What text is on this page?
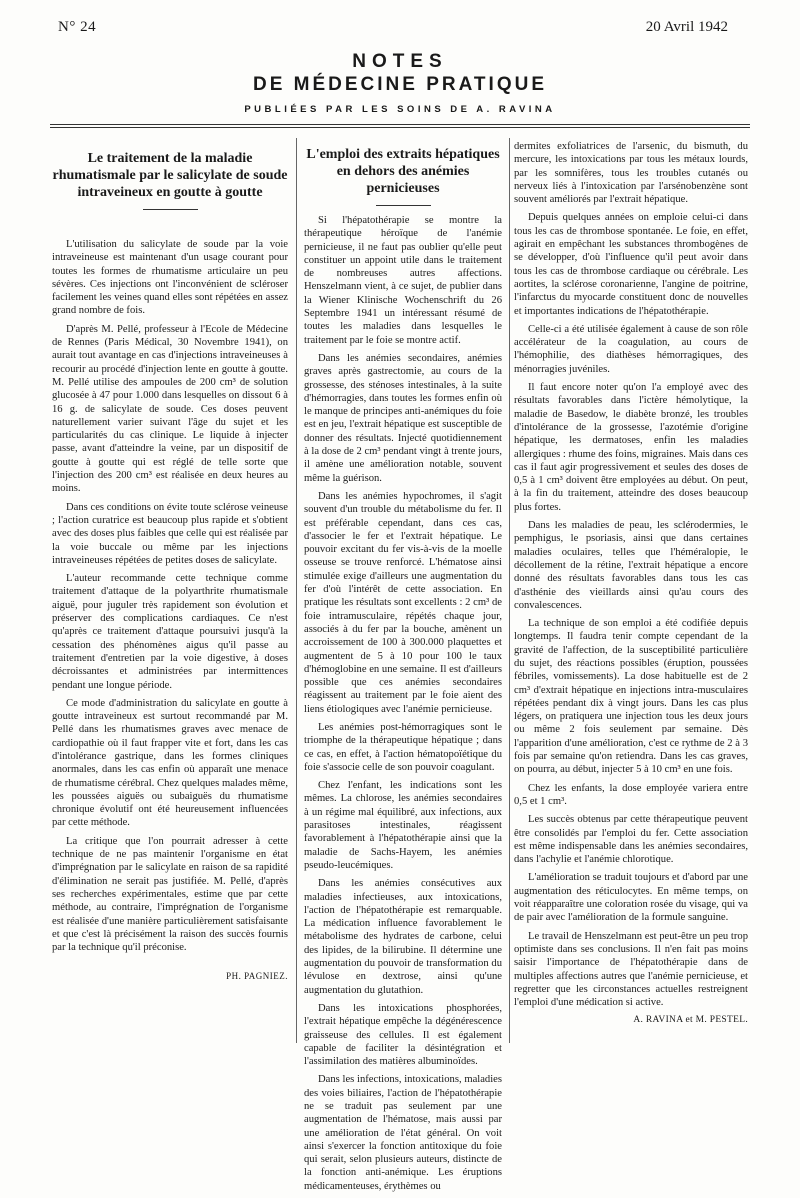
N° 24	20 Avril 1942
NOTES
DE MÉDECINE PRATIQUE
PUBLIÉES PAR LES SOINS DE A. RAVINA
Le traitement de la maladie rhumatismale par le salicylate de soude intraveineux en goutte à goutte

L'utilisation du salicylate de soude par la voie intraveineuse est maintenant d'un usage courant pour toutes les formes de rhumatisme articulaire un peu sévères. Ces injections ont l'inconvénient de scléroser facilement les veines quand elles sont répétées en assez grand nombre de fois.

D'après M. Pellé, professeur à l'Ecole de Médecine de Rennes (Paris Médical, 30 Novembre 1941), on aurait tout avantage en cas d'injections intraveineuses à recourir au procédé d'injection lente en goutte à goutte. M. Pellé utilise des ampoules de 200 cm³ de solution glucosée à 47 pour 1.000 dans lesquelles on dissout 6 à 16 g. de salicylate de soude. Ces doses peuvent naturellement varier suivant l'âge du sujet et les particularités du cas clinique. Le liquide à injecter passe, avant d'atteindre la veine, par un dispositif de goutte à goutte qui est réglé de telle sorte que l'injection des 200 cm³ est réalisée en deux heures au moins.

Dans ces conditions on évite toute sclérose veineuse ; l'action curatrice est beaucoup plus rapide et s'obtient avec des doses plus faibles que celle qui est réalisée par la voie buccale ou même par les injections intraveineuses répétées de petites doses de salicylate.

L'auteur recommande cette technique comme traitement d'attaque de la polyarthrite rhumatismale aiguë, pour juguler très rapidement son évolution et préserver des complications cardiaques. Ce n'est qu'après ce traitement d'attaque poursuivi jusqu'à la cessation des phénomènes aigus qu'il passe au traitement d'entretien par la voie digestive, à doses décroissantes et administrées par intermittences pendant une longue période.

Ce mode d'administration du salicylate en goutte à goutte intraveineux est surtout recommandé par M. Pellé dans les rhumatismes graves avec menace de cardiopathie où il faut frapper vite et fort, dans les cas d'intolérance gastrique, dans les formes cliniques anormales, dans les cas enfin où apparaît une menace de rhumatisme cérébral. Chez quelques malades même, les poussées aiguës ou subaiguës du rhumatisme chronique évolutif ont été heureusement influencées par cette méthode.

La critique que l'on pourrait adresser à cette technique de ne pas maintenir l'organisme en état d'imprégnation par le salicylate en raison de sa rapidité d'élimination ne serait pas justifiée. M. Pellé, d'après ses recherches expérimentales, estime que par cette méthode, au contraire, l'imprégnation de l'organisme est réalisée d'une manière particulièrement satisfaisante et que c'est là précisément la raison des succès fournis par la technique qu'il préconise.

PH. PAGNIEZ.
L'emploi des extraits hépatiques en dehors des anémies pernicieuses

Si l'hépatothérapie se montre la thérapeutique héroïque de l'anémie pernicieuse, il ne faut pas oublier qu'elle peut constituer un appoint utile dans le traitement de nombreuses autres affections. Henszelmann vient, à ce sujet, de publier dans la Wiener Klinische Wochenschrift du 26 Septembre 1941 un intéressant résumé de toutes les maladies dans lesquelles le traitement par le foie se montre actif.

Dans les anémies secondaires, anémies graves après gastrectomie, au cours de la grossesse, des sténoses intestinales, à la suite d'hémorragies, dans toutes les formes enfin où le manque de principes anti-anémiques du foie est en jeu, l'extrait hépatique est susceptible de donner des résultats. Injecté quotidiennement à la dose de 2 cm³ pendant vingt à trente jours, il amène une amélioration notable, souvent même la guérison.

Dans les anémies hypochromes, il s'agit souvent d'un trouble du métabolisme du fer. Il est préférable cependant, dans ces cas, d'associer le fer et l'extrait hépatique. Le pouvoir excitant du fer vis-à-vis de la moelle osseuse se trouve renforcé. L'hématose ainsi stimulée exige d'ailleurs une augmentation du fer d'où l'intérêt de cette association. En pratique les résultats sont excellents : 2 cm³ de foie intramusculaire, répétés chaque jour, associés à du fer par la bouche, amènent un accroissement de 100 à 300.000 plaquettes et augmentent de 5 à 10 pour 100 le taux d'hémoglobine en une semaine. Il est d'ailleurs possible que ces anémies secondaires réagissent au traitement par le foie aient des liens étiologiques avec l'anémie pernicieuse.

Les anémies post-hémorragiques sont le triomphe de la thérapeutique hépatique ; dans ce cas, en effet, à l'action hématopoïétique du foie s'associe celle de son pouvoir coagulant.

Chez l'enfant, les indications sont les mêmes. La chlorose, les anémies secondaires à un régime mal équilibré, aux infections, aux parasitoses intestinales, réagissent favorablement à l'hépatothérapie ainsi que la maladie de Sachs-Hayem, les anémies pseudo-leucémiques.

Dans les anémies consécutives aux maladies infectieuses, aux intoxications, l'action de l'hépatothérapie est remarquable. La médication influence favorablement le métabolisme des hydrates de carbone, celui des lipides, de la bilirubine. Il détermine une augmentation du pouvoir de transformation du lévulose en dextrose, ainsi qu'une augmentation du glutathion.

Dans les intoxications phosphorées, l'extrait hépatique empêche la dégénérescence graisseuse des cellules. Il est également capable de faciliter la désintégration et l'assimilation des matières albuminoïdes.

Dans les infections, intoxications, maladies des voies biliaires, l'action de l'hépatothérapie ne se traduit pas seulement par une augmentation de l'hématose, mais aussi par une amélioration de l'état général. On voit ainsi s'exercer la fonction antitoxique du foie qui serait, selon plusieurs auteurs, distincte de la fonction anti-anémique. Les éruptions médicamenteuses, érythèmes ou

dermites exfoliatrices de l'arsenic, du bismuth, du mercure, les intoxications par tous les métaux lourds, par les somnifères, tous les troubles cutanés ou nerveux liés à l'intoxication par l'arsénobenzène sont souvent améliorés par l'extrait hépatique.

Depuis quelques années on emploie celui-ci dans tous les cas de thrombose spontanée. Le foie, en effet, agirait en empêchant les substances thrombogènes de se développer, d'où l'influence qu'il peut avoir dans tous les cas de thrombose cardiaque ou cérébrale. Les aortites, la sclérose coronarienne, l'angine de poitrine, l'infarctus du myocarde constituent donc de nouvelles et importantes indications de l'hépatothérapie.

Celle-ci a été utilisée également à cause de son rôle accélérateur de la coagulation, au cours de l'hémophilie, des diathèses hémorragiques, des ménorragies juvéniles.

Il faut encore noter qu'on l'a employé avec des résultats favorables dans l'ictère hémolytique, la maladie de Basedow, le diabète bronzé, les troubles d'intolérance de la grossesse, l'azotémie d'origine hépatique, les dermatoses, enfin les maladies allergiques : rhume des foins, migraines. Mais dans ces cas il faut agir progressivement et seules des doses de 0,5 à 1 cm³ doivent être employées au début. On peut, à la fin du traitement, atteindre des doses beaucoup plus fortes.

Dans les maladies de peau, les sclérodermies, le pemphigus, le psoriasis, ainsi que dans certaines maladies oculaires, telles que l'héméralopie, le décollement de la rétine, l'extrait hépatique a encore donné des résultats favorables dans tous les cas d'asthénie des vieillards ainsi qu'au cours des convalescences.

La technique de son emploi a été codifiée depuis longtemps. Il faudra tenir compte cependant de la gravité de l'affection, de la susceptibilité particulière du sujet, des réactions possibles (éruption, poussées fébriles, vomissements). La dose habituelle est de 2 cm³ d'extrait hépatique en injections intra-musculaires répétées pendant dix à vingt jours. Dans les cas plus légers, on pratiquera une injection tous les deux jours ou même 2 fois seulement par semaine. Dès l'apparition d'une amélioration, c'est ce rythme de 2 à 3 fois par semaine qu'on retiendra. Dans les cas graves, on pourra, au début, injecter 5 à 10 cm³ en une fois.

Chez les enfants, la dose employée variera entre 0,5 et 1 cm³.

Les succès obtenus par cette thérapeutique peuvent être consolidés par l'emploi du fer. Cette association est même indispensable dans les anémies secondaires, dans l'achylie et l'anémie chlorotique.

L'amélioration se traduit toujours et d'abord par une augmentation des réticulocytes. En même temps, on voit réapparaître une coloration rosée du visage, qui va de pair avec l'amélioration de la formule sanguine.

Le travail de Henszelmann est peut-être un peu trop optimiste dans ses conclusions. Il n'en fait pas moins saisir l'importance de l'hépatothérapie dans de multiples affections autres que l'anémie pernicieuse, et regretter que les circonstances actuelles restreignent l'emploi d'une médication si active.

A. RAVINA et M. PESTEL.
